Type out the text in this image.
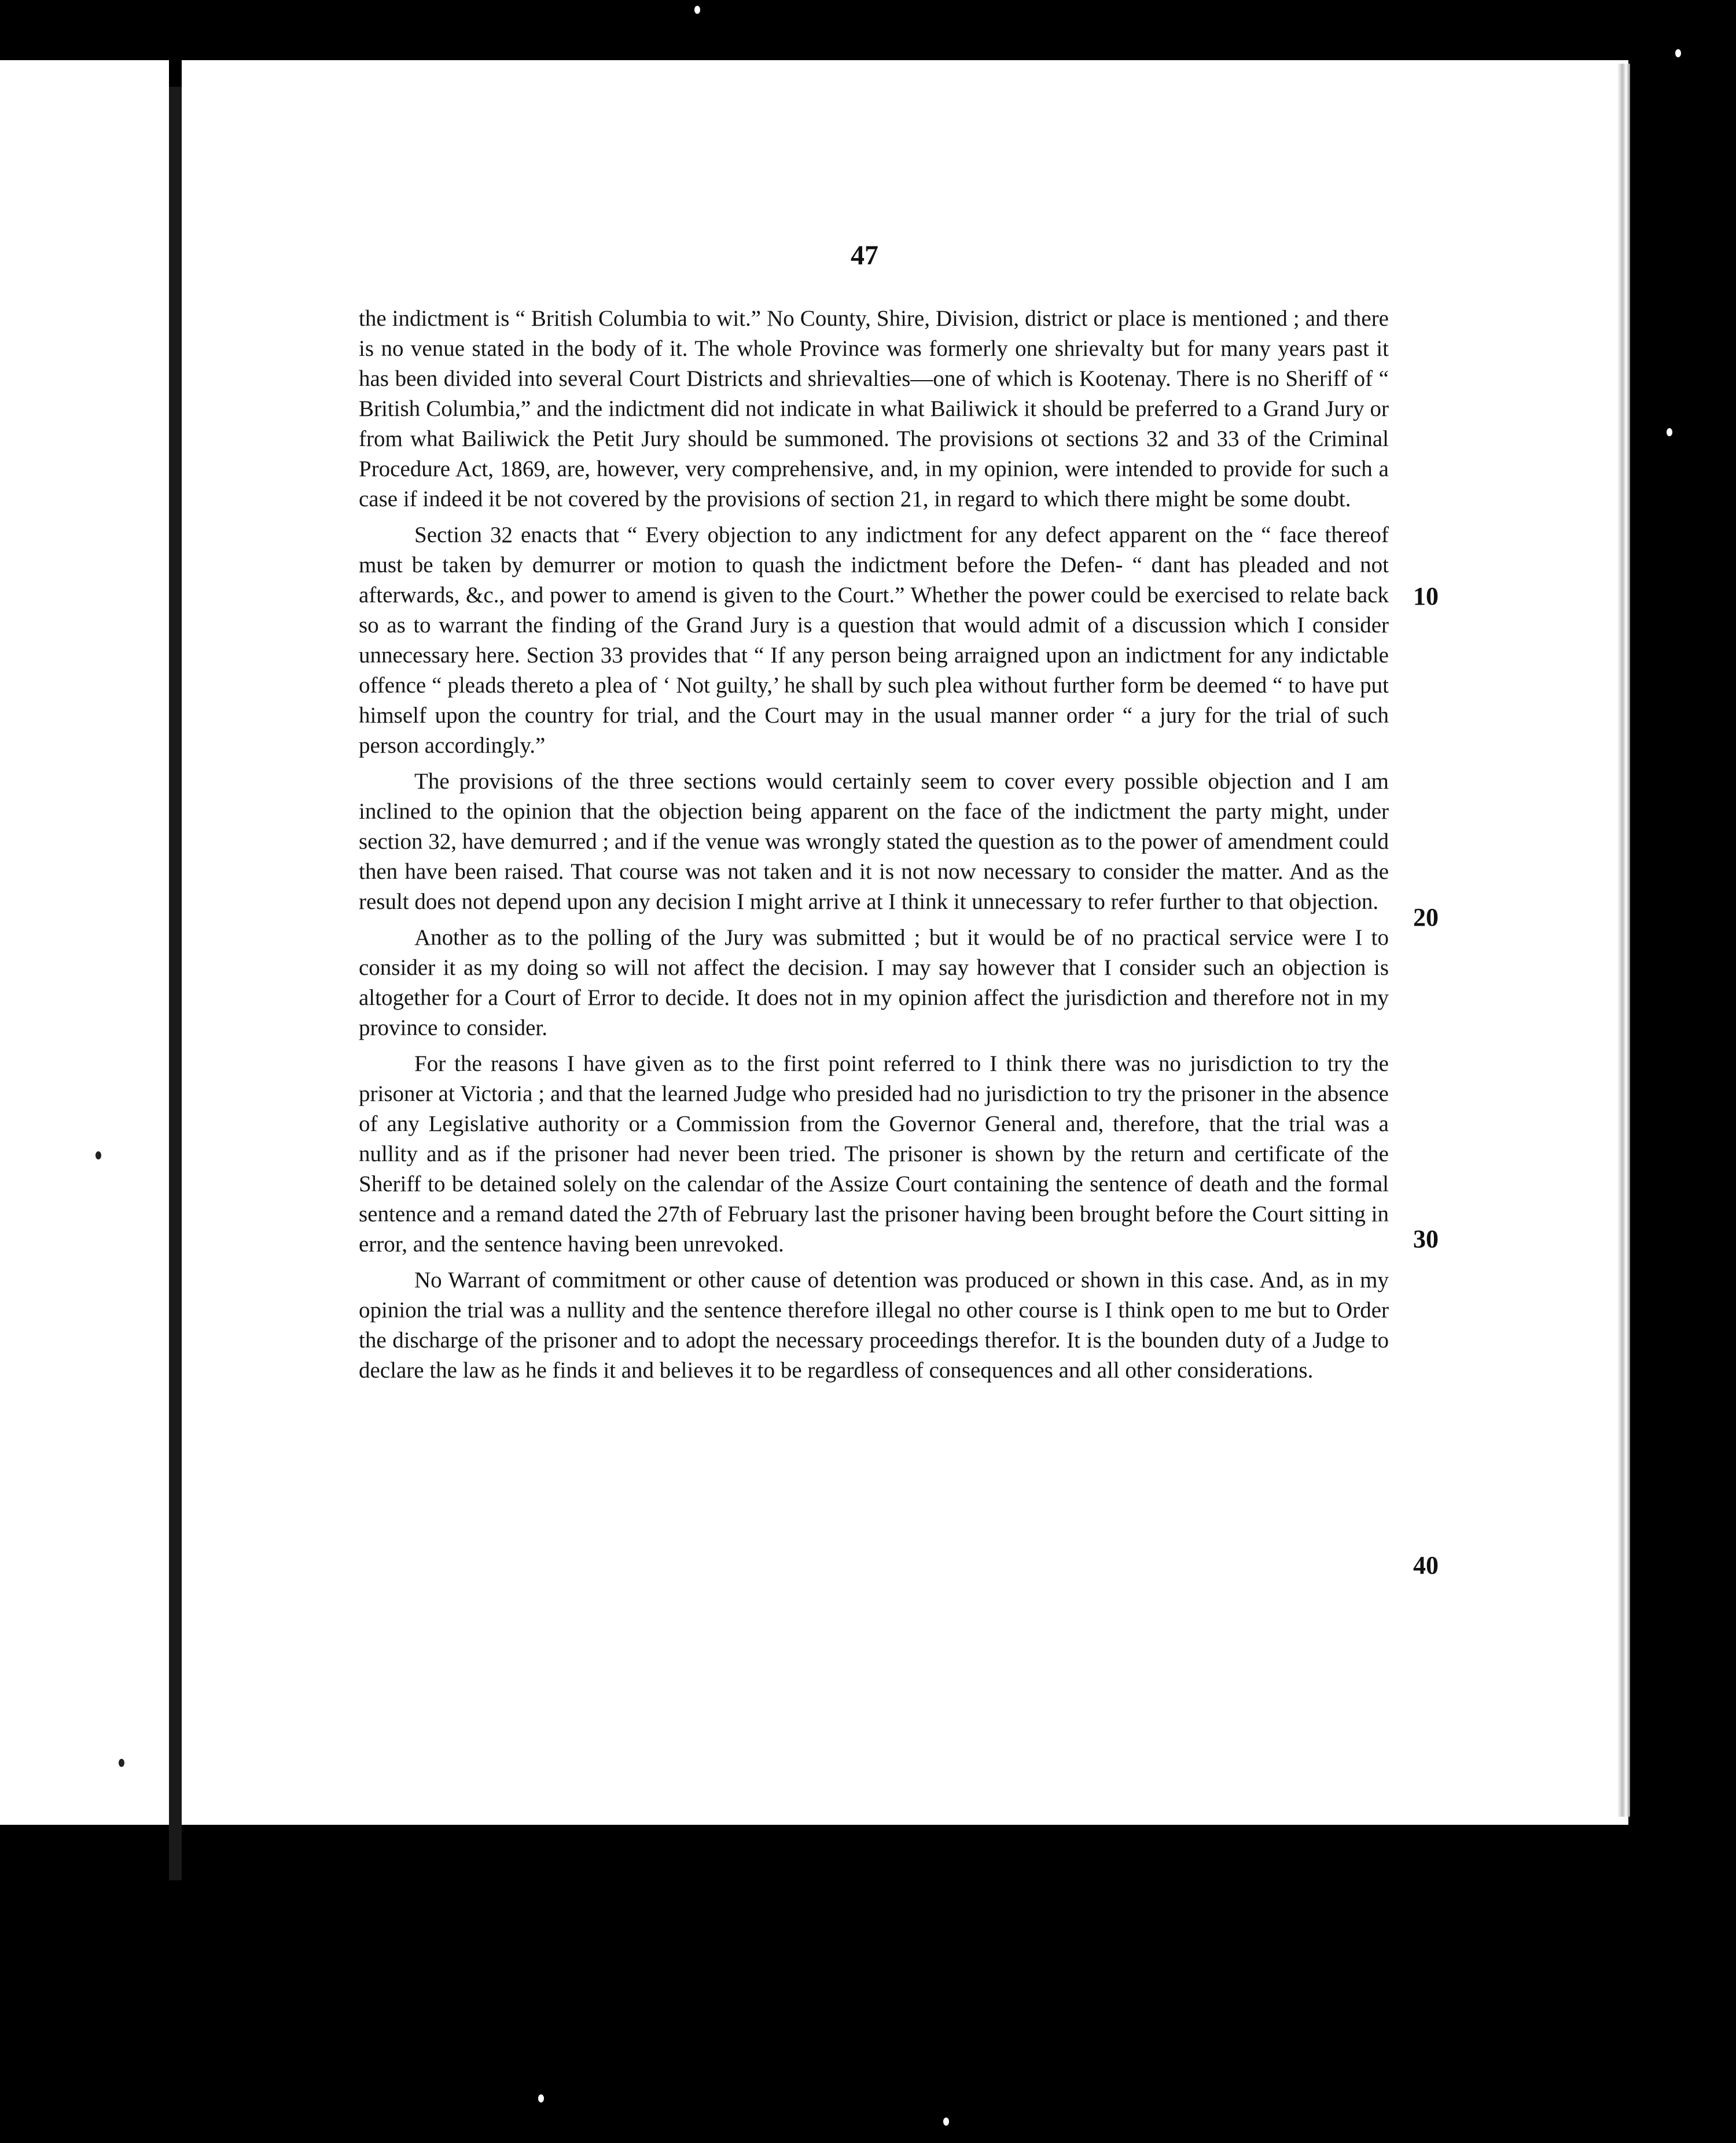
47

the indictment is “ British Columbia to wit.” No County, Shire, Division, district or place is mentioned ; and there is no venue stated in the body of it. The whole Province was formerly one shrievalty but for many years past it has been divided into several Court Districts and shrievalties—one of which is Kootenay. There is no Sheriff of “ British Columbia,” and the indictment did not indicate in what Bailiwick it should be preferred to a Grand Jury or from what Bailiwick the Petit Jury should be summoned. The provisions ot sections 32 and 33 of the Criminal Procedure Act, 1869, are, however, very comprehensive, and, in my opinion, were intended to provide for such a case if indeed it be not covered by the provisions of section 21, in regard to which there might be some doubt.

Section 32 enacts that “ Every objection to any indictment for any defect apparent on the “ face thereof must be taken by demurrer or motion to quash the indictment before the Defen- “ dant has pleaded and not afterwards, &c., and power to amend is given to the Court.” Whether the power could be exercised to relate back so as to warrant the finding of the Grand Jury is a question that would admit of a discussion which I consider unnecessary here. Section 33 provides that “ If any person being arraigned upon an indictment for any indictable offence “ pleads thereto a plea of ‘ Not guilty,’ he shall by such plea without further form be deemed “ to have put himself upon the country for trial, and the Court may in the usual manner order “ a jury for the trial of such person accordingly.”

The provisions of the three sections would certainly seem to cover every possible objection and I am inclined to the opinion that the objection being apparent on the face of the indictment the party might, under section 32, have demurred ; and if the venue was wrongly stated the question as to the power of amendment could then have been raised. That course was not taken and it is not now necessary to consider the matter. And as the result does not depend upon any decision I might arrive at I think it unnecessary to refer further to that objection.

Another as to the polling of the Jury was submitted ; but it would be of no practical service were I to consider it as my doing so will not affect the decision. I may say however that I consider such an objection is altogether for a Court of Error to decide. It does not in my opinion affect the jurisdiction and therefore not in my province to consider.

For the reasons I have given as to the first point referred to I think there was no jurisdiction to try the prisoner at Victoria ; and that the learned Judge who presided had no jurisdiction to try the prisoner in the absence of any Legislative authority or a Commission from the Governor General and, therefore, that the trial was a nullity and as if the prisoner had never been tried. The prisoner is shown by the return and certificate of the Sheriff to be detained solely on the calendar of the Assize Court containing the sentence of death and the formal sentence and a remand dated the 27th of February last the prisoner having been brought before the Court sitting in error, and the sentence having been unrevoked.

No Warrant of commitment or other cause of detention was produced or shown in this case. And, as in my opinion the trial was a nullity and the sentence therefore illegal no other course is I think open to me but to Order the discharge of the prisoner and to adopt the necessary proceedings therefor. It is the bounden duty of a Judge to declare the law as he finds it and believes it to be regardless of consequences and all other considerations.

10
20
30
40
